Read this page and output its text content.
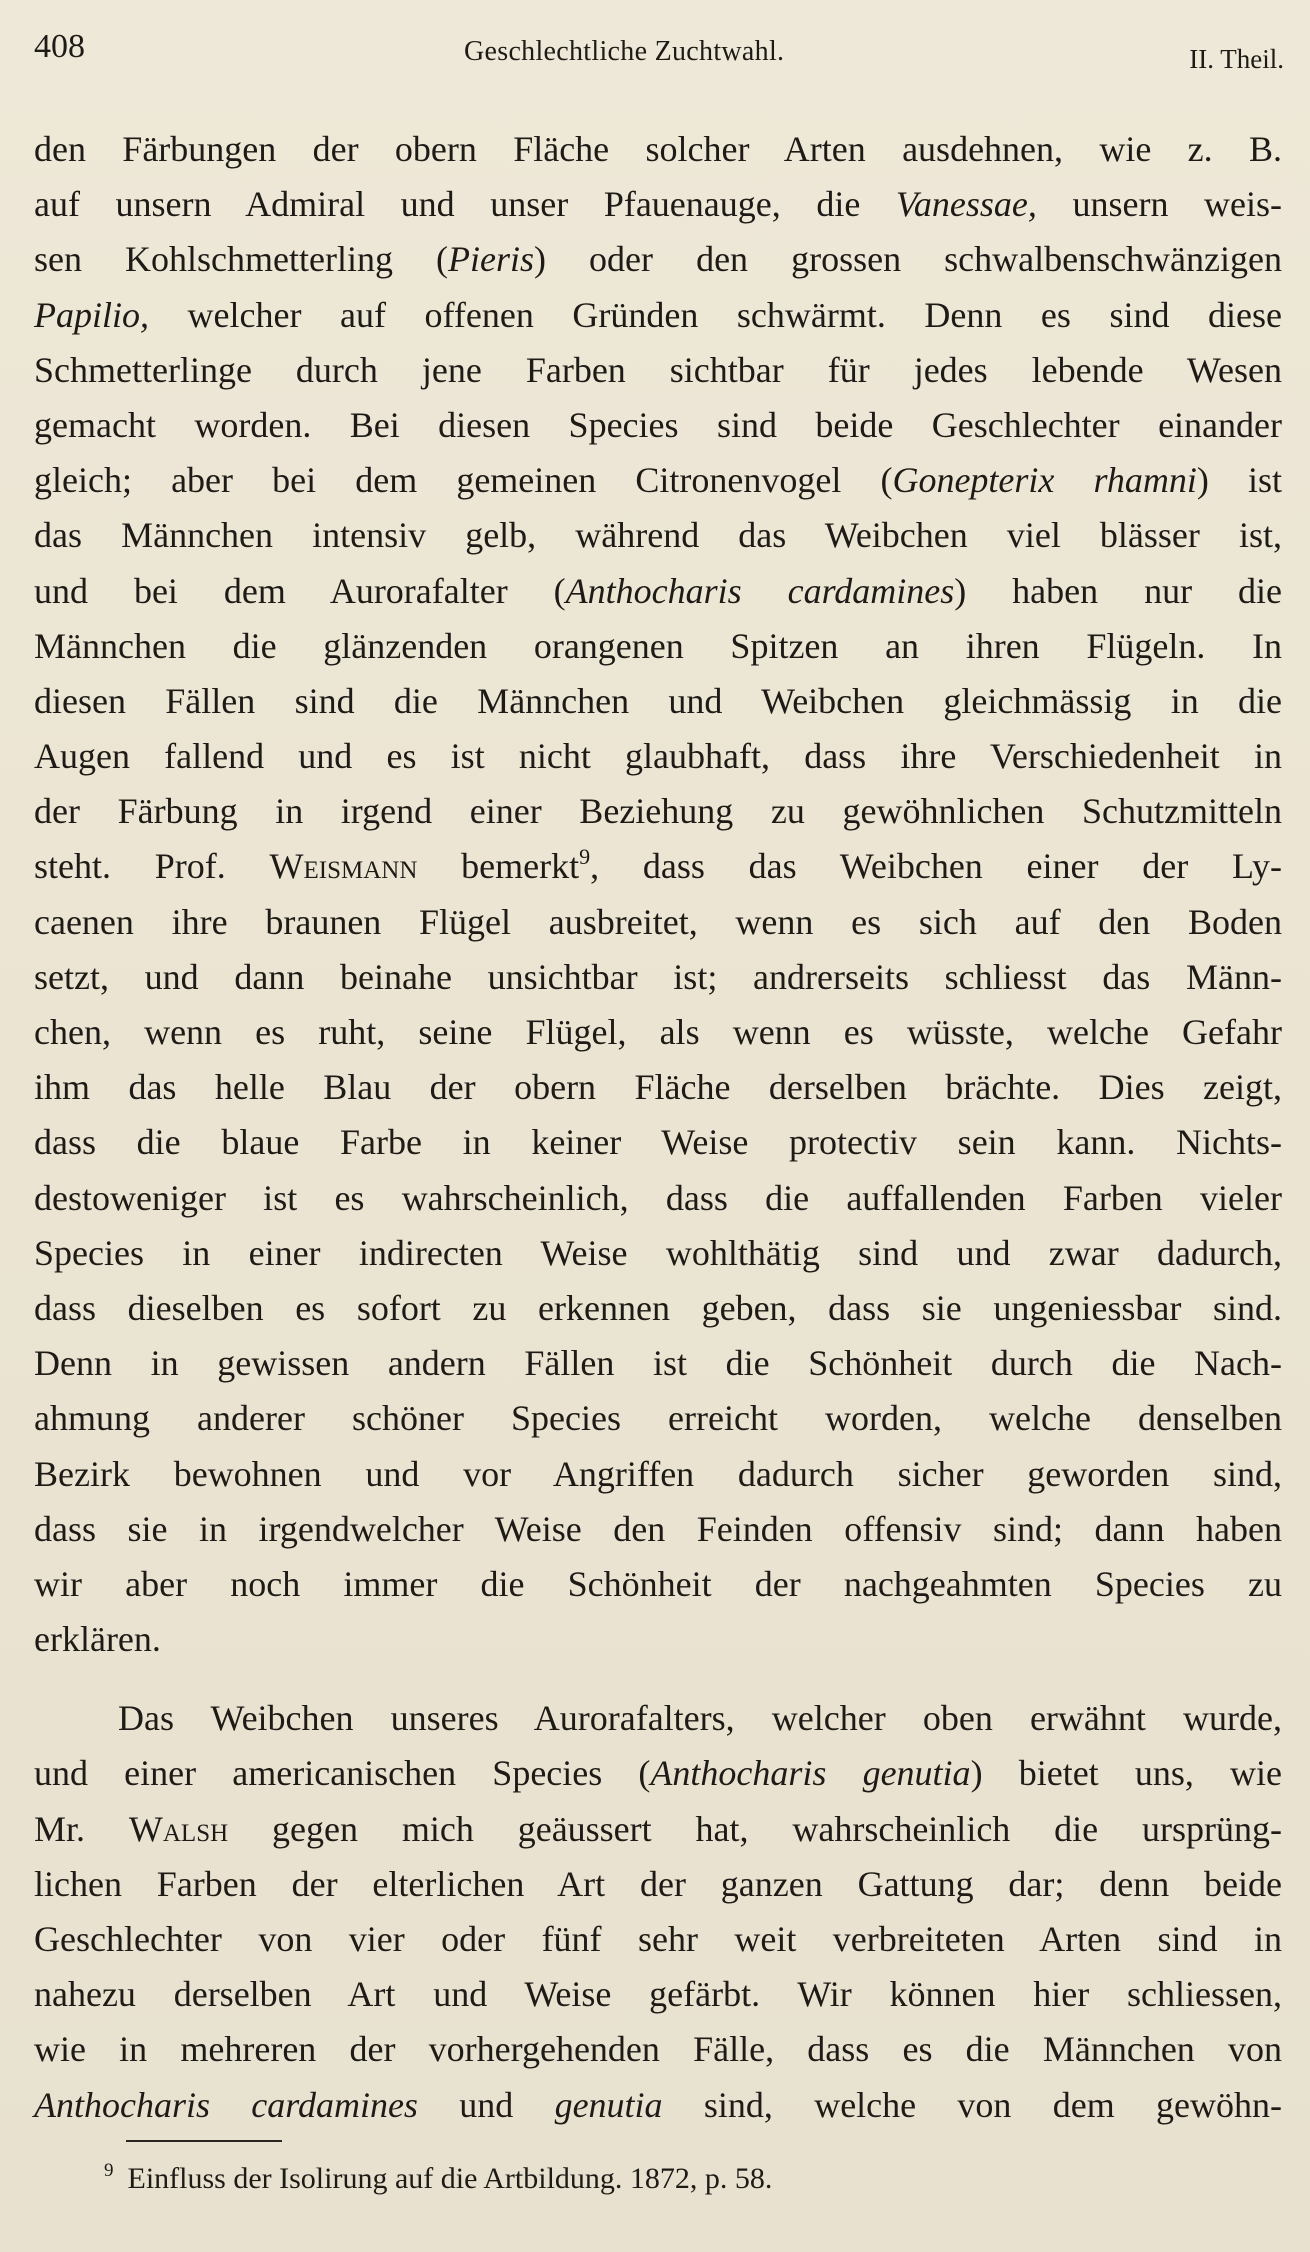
408	Geschlechtliche Zuchtwahl.	II. Theil.
den Färbungen der obern Fläche solcher Arten ausdehnen, wie z. B.
auf unsern Admiral und unser Pfauenauge, die Vanessae, unsern weis-
sen Kohlschmetterling (Pieris) oder den grossen schwalbenschwänzigen
Papilio, welcher auf offenen Gründen schwärmt. Denn es sind diese
Schmetterlinge durch jene Farben sichtbar für jedes lebende Wesen
gemacht worden. Bei diesen Species sind beide Geschlechter einander
gleich; aber bei dem gemeinen Citronenvogel (Gonepterix rhamni) ist
das Männchen intensiv gelb, während das Weibchen viel blässer ist,
und bei dem Aurorafalter (Anthocharis cardamines) haben nur die
Männchen die glänzenden orangenen Spitzen an ihren Flügeln. In
diesen Fällen sind die Männchen und Weibchen gleichmässig in die
Augen fallend und es ist nicht glaubhaft, dass ihre Verschiedenheit in
der Färbung in irgend einer Beziehung zu gewöhnlichen Schutzmitteln
steht. Prof. Weismann bemerkt$^9$, dass das Weibchen einer der Ly-
caenen ihre braunen Flügel ausbreitet, wenn es sich auf den Boden
setzt, und dann beinahe unsichtbar ist; andrerseits schliesst das Männ-
chen, wenn es ruht, seine Flügel, als wenn es wüsste, welche Gefahr
ihm das helle Blau der obern Fläche derselben brächte. Dies zeigt,
dass die blaue Farbe in keiner Weise protectiv sein kann. Nichts-
destoweniger ist es wahrscheinlich, dass die auffallenden Farben vieler
Species in einer indirecten Weise wohlthätig sind und zwar dadurch,
dass dieselben es sofort zu erkennen geben, dass sie ungeniessbar sind.
Denn in gewissen andern Fällen ist die Schönheit durch die Nach-
ahmung anderer schöner Species erreicht worden, welche denselben
Bezirk bewohnen und vor Angriffen dadurch sicher geworden sind,
dass sie in irgendwelcher Weise den Feinden offensiv sind; dann haben
wir aber noch immer die Schönheit der nachgeahmten Species zu
erklären.
Das Weibchen unseres Aurorafalters, welcher oben erwähnt wurde,
und einer americanischen Species (Anthocharis genutia) bietet uns, wie
Mr. Walsh gegen mich geäussert hat, wahrscheinlich die ursprüng-
lichen Farben der elterlichen Art der ganzen Gattung dar; denn beide
Geschlechter von vier oder fünf sehr weit verbreiteten Arten sind in
nahezu derselben Art und Weise gefärbt. Wir können hier schliessen,
wie in mehreren der vorhergehenden Fälle, dass es die Männchen von
Anthocharis cardamines und genutia sind, welche von dem gewöhn-
$^9$ Einfluss der Isolirung auf die Artbildung. 1872, p. 58.
